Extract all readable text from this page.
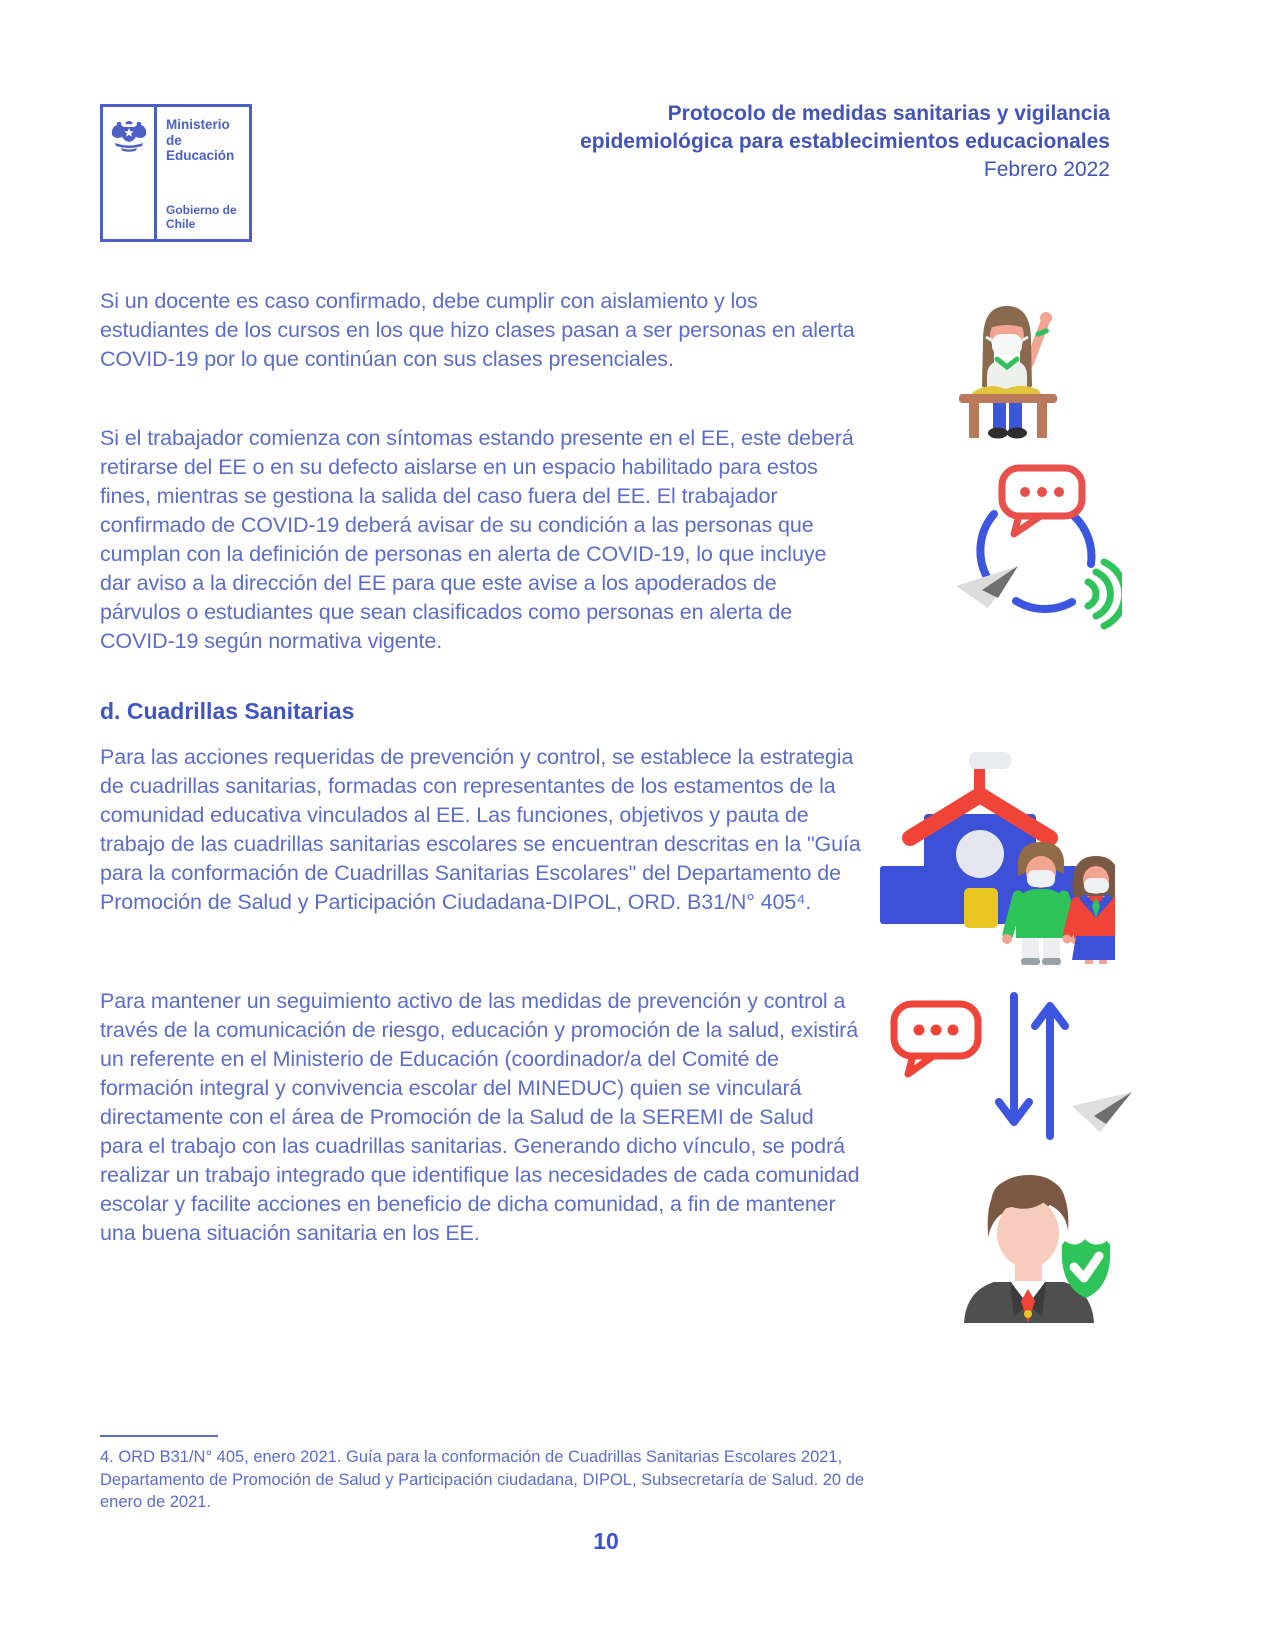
Ministerio de Educación
Gobierno de Chile
Protocolo de medidas sanitarias y vigilancia
epidemiológica para establecimientos educacionales
Febrero 2022

Si un docente es caso confirmado, debe cumplir con aislamiento y los estudiantes de los cursos en los que hizo clases pasan a ser personas en alerta COVID-19 por lo que continúan con sus clases presenciales.

Si el trabajador comienza con síntomas estando presente en el EE, este deberá retirarse del EE o en su defecto aislarse en un espacio habilitado para estos fines, mientras se gestiona la salida del caso fuera del EE. El trabajador confirmado de COVID-19 deberá avisar de su condición a las personas que cumplan con la definición de personas en alerta de COVID-19, lo que incluye dar aviso a la dirección del EE para que este avise a los apoderados de párvulos o estudiantes que sean clasificados como personas en alerta de COVID-19 según normativa vigente.

d. Cuadrillas Sanitarias

Para las acciones requeridas de prevención y control, se establece la estrategia de cuadrillas sanitarias, formadas con representantes de los estamentos de la comunidad educativa vinculados al EE. Las funciones, objetivos y pauta de trabajo de las cuadrillas sanitarias escolares se encuentran descritas en la "Guía para la conformación de Cuadrillas Sanitarias Escolares" del Departamento de Promoción de Salud y Participación Ciudadana-DIPOL, ORD. B31/N° 405⁴.

Para mantener un seguimiento activo de las medidas de prevención y control a través de la comunicación de riesgo, educación y promoción de la salud, existirá un referente en el Ministerio de Educación (coordinador/a del Comité de formación integral y convivencia escolar del MINEDUC) quien se vinculará directamente con el área de Promoción de la Salud de la SEREMI de Salud para el trabajo con las cuadrillas sanitarias. Generando dicho vínculo, se podrá realizar un trabajo integrado que identifique las necesidades de cada comunidad escolar y facilite acciones en beneficio de dicha comunidad, a fin de mantener una buena situación sanitaria en los EE.

4. ORD B31/N° 405, enero 2021. Guía para la conformación de Cuadrillas Sanitarias Escolares 2021, Departamento de Promoción de Salud y Participación ciudadana, DIPOL, Subsecretaría de Salud. 20 de enero de 2021.
10
